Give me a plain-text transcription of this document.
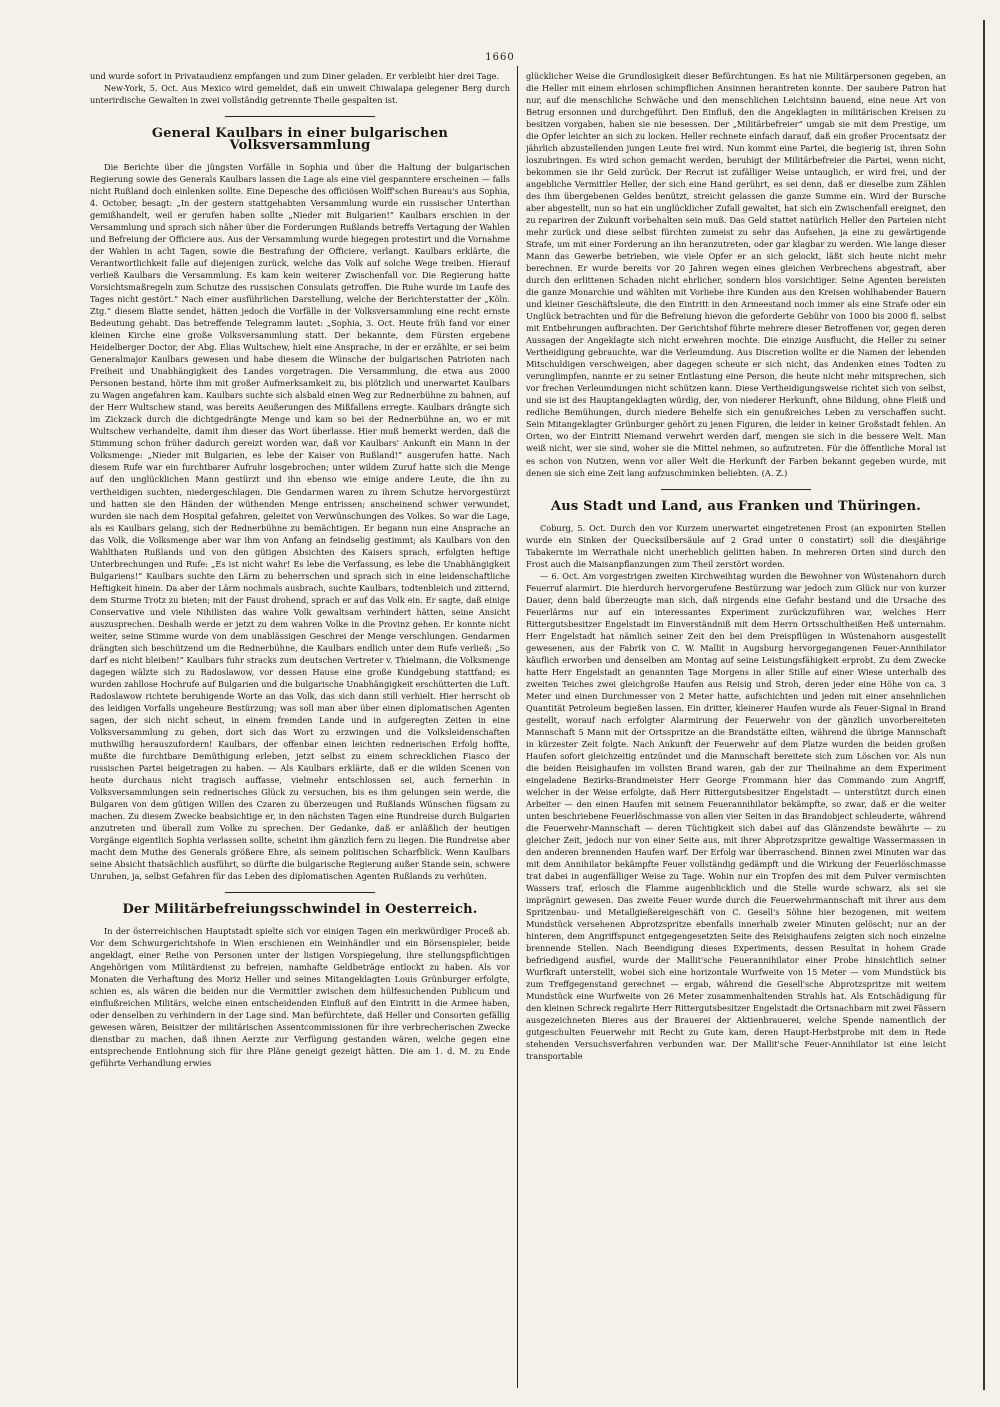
1660

und wurde sofort in Privataudienz empfangen und zum Diner geladen. Er verbleibt hier drei Tage.

New-York, 5. Oct. Aus Mexico wird gemeldet, daß ein unweit Chiwalapa gelegener Berg durch unterirdische Gewalten in zwei vollständig getrennte Theile gespalten ist.

General Kaulbars in einer bulgarischen Volksversammlung

Die Berichte über die jüngsten Vorfälle in Sophia und über die Haltung der bulgarischen Regierung sowie des Generals Kaulbars lassen die Lage als eine viel gespanntere erscheinen — falls nicht Rußland doch einlenken sollte. Eine Depesche des officiösen Wolff'schen Bureau's aus Sophia, 4. October, besagt: „In der gestern stattgehabten Versammlung wurde ein russischer Unterthan gemißhandelt, weil er gerufen haben sollte „Nieder mit Bulgarien!“ Kaulbars erschien in der Versammlung und sprach sich näher über die Forderungen Rußlands betreffs Vertagung der Wahlen und Befreiung der Officiere aus. Aus der Versammlung wurde hiegegen protestirt und die Vornahme der Wahlen in acht Tagen, sowie die Bestrafung der Officiere, verlangt. Kaulbars erklärte, die Verantwortlichkeit falle auf diejenigen zurück, welche das Volk auf solche Wege treiben. Hierauf verließ Kaulbars die Versammlung. Es kam kein weiterer Zwischenfall vor. Die Regierung hatte Vorsichtsmaßregeln zum Schutze des russischen Consulats getroffen. Die Ruhe wurde im Laufe des Tages nicht gestört.“ Nach einer ausführlichen Darstellung, welche der Berichterstatter der „Köln. Ztg.“ diesem Blatte sendet, hätten jedoch die Vorfälle in der Volksversammlung eine recht ernste Bedeutung gehabt. Das betreffende Telegramm lautet: „Sophia, 3. Oct. Heute früh fand vor einer kleinen Kirche eine große Volksversammlung statt. Der bekannte, dem Fürsten ergebene Heidelberger Doctor, der Abg. Elias Wultschew, hielt eine Ansprache, in der er erzählte, er sei beim Generalmajor Kaulbars gewesen und habe diesem die Wünsche der bulgarischen Patrioten nach Freiheit und Unabhängigkeit des Landes vorgetragen. Die Versammlung, die etwa aus 2000 Personen bestand, hörte ihm mit großer Aufmerksamkeit zu, bis plötzlich und unerwartet Kaulbars zu Wagen angefahren kam. Kaulbars suchte sich alsbald einen Weg zur Rednerbühne zu bahnen, auf der Herr Wultschew stand, was bereits Aeußerungen des Mißfallens erregte. Kaulbars drängte sich im Zickzack durch die dichtgedrängte Menge und kam so bei der Rednerbühne an, wo er mit Wultschew verhandelte, damit ihm dieser das Wort überlasse. Hier muß bemerkt werden, daß die Stimmung schon früher dadurch gereizt worden war, daß vor Kaulbars' Ankunft ein Mann in der Volksmenge: „Nieder mit Bulgarien, es lebe der Kaiser von Rußland!“ ausgerufen hatte. Nach diesem Rufe war ein furchtbarer Aufruhr losgebrochen; unter wildem Zuruf hatte sich die Menge auf den unglücklichen Mann gestürzt und ihn ebenso wie einige andere Leute, die ihn zu vertheidigen suchten, niedergeschlagen. Die Gendarmen waren zu ihrem Schutze hervorgestürzt und hatten sie den Händen der wüthenden Menge entrissen; anscheinend schwer verwundet, wurden sie nach dem Hospital gefahren, geleitet von Verwünschungen des Volkes. So war die Lage, als es Kaulbars gelang, sich der Rednerbühne zu bemächtigen. Er begann nun eine Ansprache an das Volk, die Volksmenge aber war ihm von Anfang an feindselig gestimmt; als Kaulbars von den Wahlthaten Rußlands und von den gütigen Absichten des Kaisers sprach, erfolgten heftige Unterbrechungen und Rufe: „Es ist nicht wahr! Es lebe die Verfassung, es lebe die Unabhängigkeit Bulgariens!“ Kaulbars suchte den Lärm zu beherrschen und sprach sich in eine leidenschaftliche Heftigkeit hinein. Da aber der Lärm nochmals ausbrach, suchte Kaulbars, todtenbleich und zitternd, dem Sturme Trotz zu bieten; mit der Faust drohend, sprach er auf das Volk ein. Er sagte, daß einige Conservative und viele Nihilisten das wahre Volk gewaltsam verhindert hätten, seine Ansicht auszusprechen. Deshalb werde er jetzt zu dem wahren Volke in die Provinz gehen. Er konnte nicht weiter, seine Stimme wurde von dem unablässigen Geschrei der Menge verschlungen. Gendarmen drängten sich beschützend um die Rednerbühne, die Kaulbars endlich unter dem Rufe verließ: „So darf es nicht bleiben!“ Kaulbars fuhr stracks zum deutschen Vertreter v. Thielmann, die Volksmenge dagegen wälzte sich zu Radoslawow, vor dessen Hause eine große Kundgebung stattfand; es wurden zahllose Hochrufe auf Bulgarien und die bulgarische Unabhängigkeit erschütterten die Luft. Radoslawow richtete beruhigende Worte an das Volk, das sich dann still verhielt. Hier herrscht ob des leidigen Vorfalls ungeheure Bestürzung; was soll man aber über einen diplomatischen Agenten sagen, der sich nicht scheut, in einem fremden Lande und in aufgeregten Zeiten in eine Volksversammlung zu gehen, dort sich das Wort zu erzwingen und die Volksleidenschaften muthwillig herauszufordern! Kaulbars, der offenbar einen leichten rednerischen Erfolg hoffte, mußte die furchtbare Demüthigung erleben, jetzt selbst zu einem schrecklichen Fiasco der russischen Partei beigetragen zu haben. — Als Kaulbars erklärte, daß er die wilden Scenen von heute durchaus nicht tragisch auffasse, vielmehr entschlossen sei, auch fernerhin in Volksversammlungen sein rednerisches Glück zu versuchen, bis es ihm gelungen sein werde, die Bulgaren von dem gütigen Willen des Czaren zu überzeugen und Rußlands Wünschen fügsam zu machen. Zu diesem Zwecke beabsichtige er, in den nächsten Tagen eine Rundreise durch Bulgarien anzutreten und überall zum Volke zu sprechen. Der Gedanke, daß er anläßlich der heutigen Vorgänge eigentlich Sophia verlassen sollte, scheint ihm gänzlich fern zu liegen. Die Rundreise aber macht dem Muthe des Generals größere Ehre, als seinem politischen Scharfblick. Wenn Kaulbars seine Absicht thatsächlich ausführt, so dürfte die bulgarische Regierung außer Stande sein, schwere Unruhen, ja, selbst Gefahren für das Leben des diplomatischen Agenten Rußlands zu verhüten.

Der Militärbefreiungsschwindel in Oesterreich.

In der österreichischen Hauptstadt spielte sich vor einigen Tagen ein merkwürdiger Proceß ab. Vor dem Schwurgerichtshofe in Wien erschienen ein Weinhändler und ein Börsenspieler, beide angeklagt, einer Reihe von Personen unter der listigen Vorspiegelung, ihre stellungspflichtigen Angehörigen vom Militärdienst zu befreien, namhafte Geldbeträge entlockt zu haben. Als vor Monaten die Verhaftung des Moriz Heller und seines Mitangeklagten Louis Grünburger erfolgte, schien es, als wären die beiden nur die Vermittler zwischen dem hülfesuchenden Publicum und einflußreichen Militärs, welche einen entscheidenden Einfluß auf den Eintritt in die Armee haben, oder denselben zu verhindern in der Lage sind. Man befürchtete, daß Heller und Consorten gefällig gewesen wären, Beisitzer der militärischen Assentcommissionen für ihre verbrecherischen Zwecke dienstbar zu machen, daß ihnen Aerzte zur Verfügung gestanden wären, welche gegen eine entsprechende Entlohnung sich für ihre Pläne geneigt gezeigt hätten. Die am 1. d. M. zu Ende geführte Verhandlung erwies

glücklicher Weise die Grundlosigkeit dieser Befürchtungen. Es hat nie Militärpersonen gegeben, an die Heller mit einem ehrlosen schimpflichen Ansinnen herantreten konnte. Der saubere Patron hat nur, auf die menschliche Schwäche und den menschlichen Leichtsinn bauend, eine neue Art von Betrug ersonnen und durchgeführt. Den Einfluß, den die Angeklagten in militärischen Kreisen zu besitzen vorgaben, haben sie nie besessen. Der „Militärbefreier“ umgab sie mit dem Prestige, um die Opfer leichter an sich zu locken. Heller rechnete einfach darauf, daß ein großer Procentsatz der jährlich abzustellenden jungen Leute frei wird. Nun kommt eine Partei, die begierig ist, ihren Sohn loszubringen. Es wird schon gemacht werden, beruhigt der Militärbefreier die Partei, wenn nicht, bekommen sie ihr Geld zurück. Der Recrut ist zufälliger Weise untauglich, er wird frei, und der angebliche Vermittler Heller, der sich eine Hand gerührt, es sei denn, daß er dieselbe zum Zählen des ihm übergebenen Geldes benützt, streicht gelassen die ganze Summe ein. Wird der Bursche aber abgestellt, nun so hat ein unglücklicher Zufall gewaltet, hat sich ein Zwischenfall ereignet, den zu repariren der Zukunft vorbehalten sein muß. Das Geld stattet natürlich Heller den Parteien nicht mehr zurück und diese selbst fürchten zumeist zu sehr das Aufsehen, ja eine zu gewärtigende Strafe, um mit einer Forderung an ihn heranzutreten, oder gar klagbar zu werden. Wie lange dieser Mann das Gewerbe betrieben, wie viele Opfer er an sich gelockt, läßt sich heute nicht mehr berechnen. Er wurde bereits vor 20 Jahren wegen eines gleichen Verbrechens abgestraft, aber durch den erlittenen Schaden nicht ehrlicher, sondern blos vorsichtiger. Seine Agenten bereisten die ganze Monarchie und wählten mit Vorliebe ihre Kunden aus den Kreisen wohlhabender Bauern und kleiner Geschäftsleute, die den Eintritt in den Armeestand noch immer als eine Strafe oder ein Unglück betrachten und für die Befreiung hievon die geforderte Gebühr von 1000 bis 2000 fl. selbst mit Entbehrungen aufbrachten. Der Gerichtshof führte mehrere dieser Betroffenen vor, gegen deren Aussagen der Angeklagte sich nicht erwehren mochte. Die einzige Ausflucht, die Heller zu seiner Vertheidigung gebrauchte, war die Verleumdung. Aus Discretion wollte er die Namen der lebenden Mitschuldigen verschweigen, aber dagegen scheute er sich nicht, das Andenken eines Todten zu verunglimpfen, nannte er zu seiner Entlastung eine Person, die heute nicht mehr mitsprechen, sich vor frechen Verleumdungen nicht schützen kann. Diese Vertheidigungsweise richtet sich von selbst, und sie ist des Hauptangeklagten würdig, der, von niederer Herkunft, ohne Bildung, ohne Fleiß und redliche Bemühungen, durch niedere Behelfe sich ein genußreiches Leben zu verschaffen sucht. Sein Mitangeklagter Grünburger gehört zu jenen Figuren, die leider in keiner Großstadt fehlen. An Orten, wo der Eintritt Niemand verwehrt werden darf, mengen sie sich in die bessere Welt. Man weiß nicht, wer sie sind, woher sie die Mittel nehmen, so aufzutreten. Für die öffentliche Moral ist es schon von Nutzen, wenn vor aller Welt die Herkunft der Farben bekannt gegeben wurde, mit denen sie sich eine Zeit lang aufzuschminken beliebten. (A. Z.)

Aus Stadt und Land, aus Franken und Thüringen.

Coburg, 5. Oct. Durch den vor Kurzem unerwartet eingetretenen Frost (an exponirten Stellen wurde ein Sinken der Quecksilbersäule auf 2 Grad unter 0 constatirt) soll die diesjährige Tabakernte im Werrathale nicht unerheblich gelitten haben. In mehreren Orten sind durch den Frost auch die Maisanpflanzungen zum Theil zerstört worden.

— 6. Oct. Am vorgestrigen zweiten Kirchweihtag wurden die Bewohner von Wüstenahorn durch Feuerruf alarmirt. Die hierdurch hervorgerufene Bestürzung war jedoch zum Glück nur von kurzer Dauer, denn bald überzeugte man sich, daß nirgends eine Gefahr bestand und die Ursache des Feuerlärms nur auf ein interessantes Experiment zurückzuführen war, welches Herr Rittergutsbesitzer Engelstadt im Einverständniß mit dem Herrn Ortsschultheißen Heß unternahm. Herr Engelstadt hat nämlich seiner Zeit den bei dem Preispflügen in Wüstenahorn ausgestellt gewesenen, aus der Fabrik von C. W. Mallit in Augsburg hervorgegangenen Feuer-Annihilator käuflich erworben und denselben am Montag auf seine Leistungsfähigkeit erprobt. Zu dem Zwecke hatte Herr Engelstadt an genannten Tage Morgens in aller Stille auf einer Wiese unterhalb des zweiten Teiches zwei gleichgroße Haufen aus Reisig und Stroh, deren jeder eine Höhe von ca. 3 Meter und einen Durchmesser von 2 Meter hatte, aufschichten und jeden mit einer ansehnlichen Quantität Petroleum begießen lassen. Ein dritter, kleinerer Haufen wurde als Feuer-Signal in Brand gestellt, worauf nach erfolgter Alarmirung der Feuerwehr von der gänzlich unvorbereiteten Mannschaft 5 Mann mit der Ortsspritze an die Brandstätte eilten, während die übrige Mannschaft in kürzester Zeit folgte. Nach Ankunft der Feuerwehr auf dem Platze wurden die beiden großen Haufen sofort gleichzeitig entzündet und die Mannschaft bereitete sich zum Löschen vor. Als nun die beiden Reisighaufen im vollsten Brand waren, gab der zur Theilnahme an dem Experiment eingeladene Bezirks-Brandmeister Herr George Frommann hier das Commando zum Angriff, welcher in der Weise erfolgte, daß Herr Rittergutsbesitzer Engelstadt — unterstützt durch einen Arbeiter — den einen Haufen mit seinem Feuerannihilator bekämpfte, so zwar, daß er die weiter unten beschriebene Feuerlöschmasse von allen vier Seiten in das Brandobject schleuderte, während die Feuerwehr-Mannschaft — deren Tüchtigkeit sich dabei auf das Glänzendste bewährte — zu gleicher Zeit, jedoch nur von einer Seite aus, mit ihrer Abprotzspritze gewaltige Wassermassen in den anderen brennenden Haufen warf. Der Erfolg war überraschend. Binnen zwei Minuten war das mit dem Annihilator bekämpfte Feuer vollständig gedämpft und die Wirkung der Feuerlöschmasse trat dabei in augenfälliger Weise zu Tage. Wohin nur ein Tropfen des mit dem Pulver vermischten Wassers traf, erlosch die Flamme augenblicklich und die Stelle wurde schwarz, als sei sie imprägnirt gewesen. Das zweite Feuer wurde durch die Feuerwehrmannschaft mit ihrer aus dem Spritzenbau- und Metallgießereigeschäft von C. Gesell's Söhne hier bezogenen, mit weitem Mundstück versehenen Abprotzspritze ebenfalls innerhalb zweier Minuten gelöscht; nur an der hinteren, dem Angriffspunct entgegengesetzten Seite des Reisighaufens zeigten sich noch einzelne brennende Stellen. Nach Beendigung dieses Experiments, dessen Resultat in hohem Grade befriedigend ausfiel, wurde der Mallit'sche Feuerannihilator einer Probe hinsichtlich seiner Wurfkraft unterstellt, wobei sich eine horizontale Wurfweite von 15 Meter — vom Mundstück bis zum Treffgegenstand gerechnet — ergab, während die Gesell'sche Abprotzspritze mit weitem Mundstück eine Wurfweite von 26 Meter zusammenhaltenden Strahls hat. Als Entschädigung für den kleinen Schreck regalirte Herr Rittergutsbesitzer Engelstadt die Ortsnachbarn mit zwei Fässern ausgezeichneten Bieres aus der Brauerei der Aktienbrauerei, welche Spende namentlich der gutgeschulten Feuerwehr mit Recht zu Gute kam, deren Haupt-Herbstprobe mit dem in Rede stehenden Versuchsverfahren verbunden war. Der Mallit'sche Feuer-Annihilator ist eine leicht transportable
